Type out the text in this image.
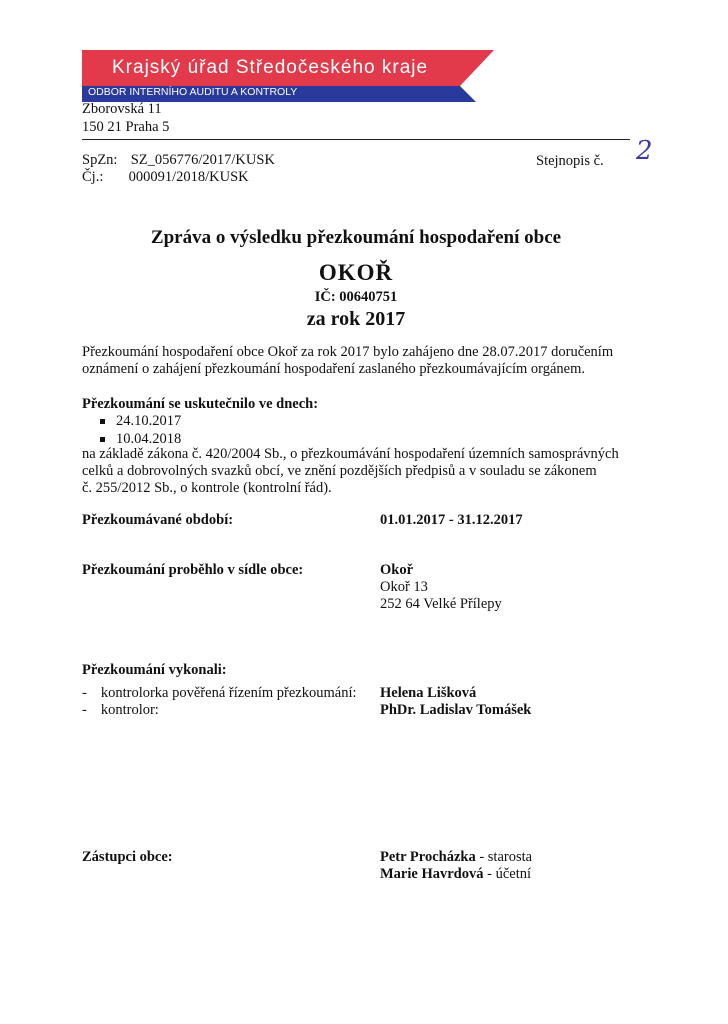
Krajský úřad Středočeského kraje
ODBOR INTERNÍHO AUDITU A KONTROLY
Zborovská 11
150 21 Praha 5
SpZn: SZ_056776/2017/KUSK
Čj.: 000091/2018/KUSK
Stejnopis č. 2
Zpráva o výsledku přezkoumání hospodaření obce
OKOŘ
IČ: 00640751
za rok 2017
Přezkoumání hospodaření obce Okoř za rok 2017 bylo zahájeno dne 28.07.2017 doručením
oznámení o zahájení přezkoumání hospodaření zaslaného přezkoumávajícím orgánem.
Přezkoumání se uskutečnilo ve dnech:
24.10.2017
10.04.2018
na základě zákona č. 420/2004 Sb., o přezkoumávání hospodaření územních samosprávných
celků a dobrovolných svazků obcí, ve znění pozdějších předpisů a v souladu se zákonem
č. 255/2012 Sb., o kontrole (kontrolní řád).
Přezkoumávané období:	01.01.2017 - 31.12.2017
Přezkoumání proběhlo v sídle obce:	Okoř
Okoř 13
252 64 Velké Přílepy
Přezkoumání vykonali:
- kontrolorka pověřená řízením přezkoumání: Helena Lišková
- kontrolor:	PhDr. Ladislav Tomášek
Zástupci obce:	Petr Procházka - starosta
Marie Havrdová - účetní
